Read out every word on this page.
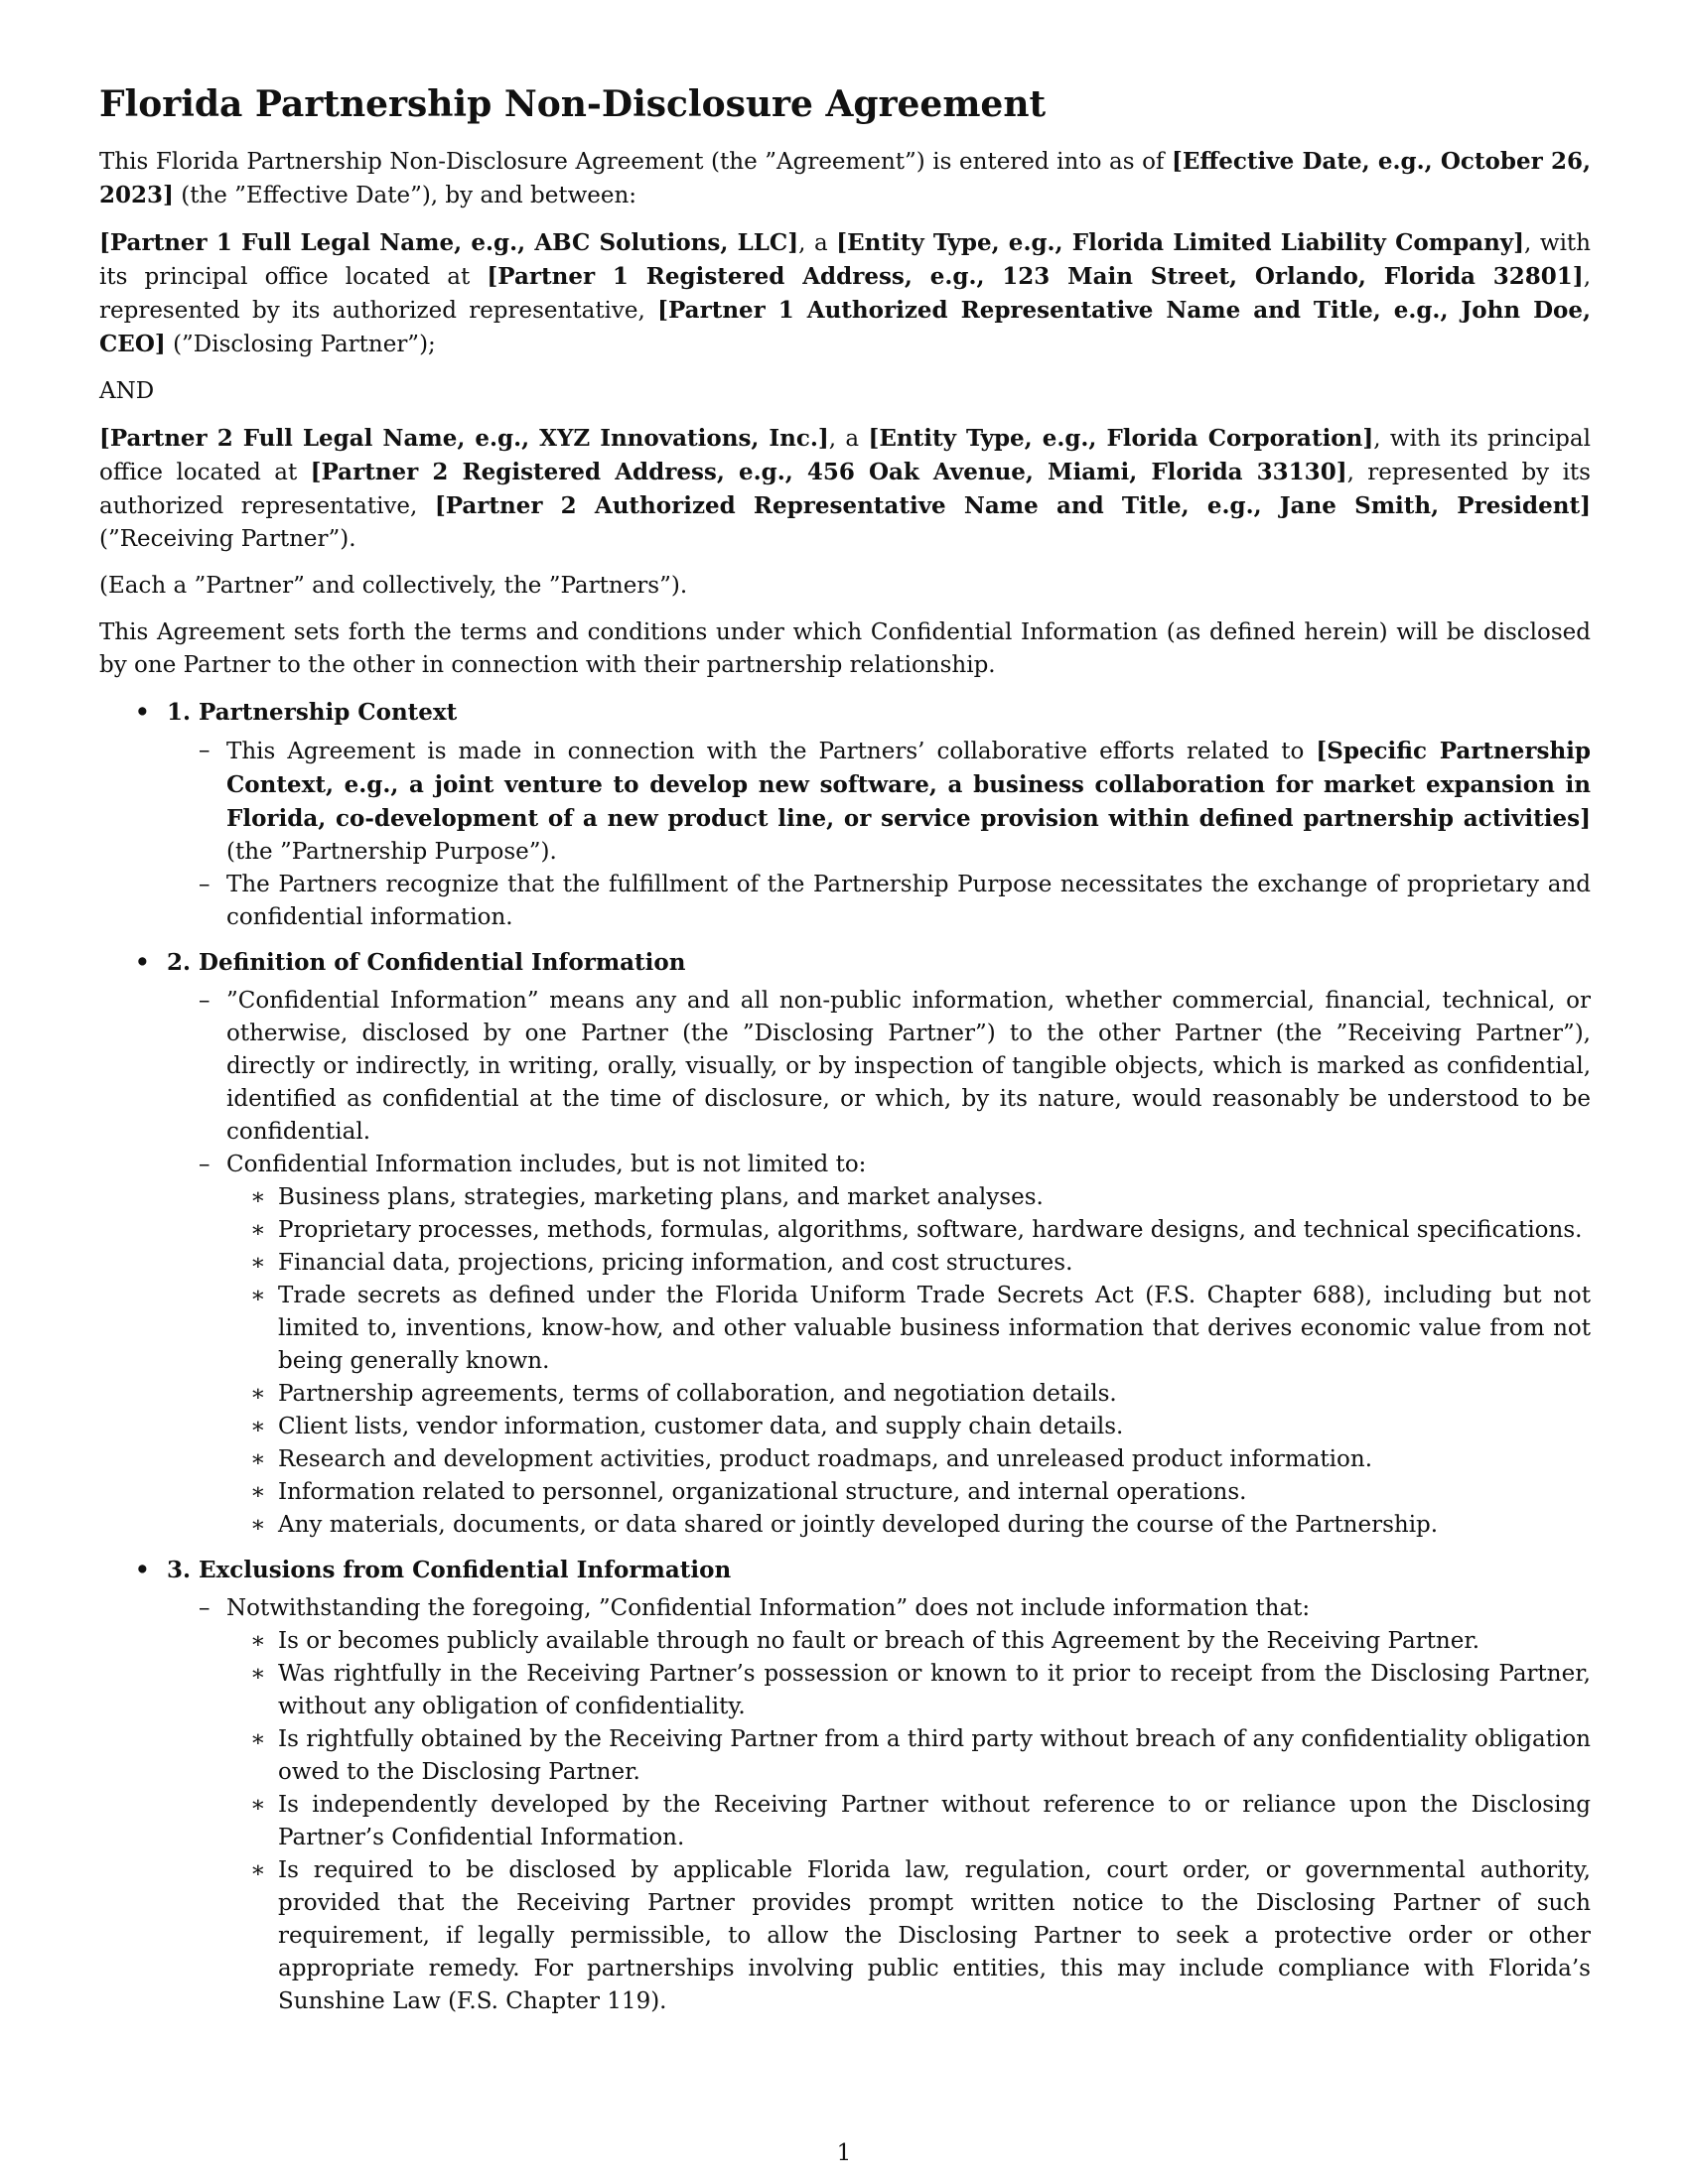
Florida Partnership Non-Disclosure Agreement

This Florida Partnership Non-Disclosure Agreement (the ”Agreement”) is entered into as of [Effective Date, e.g., October 26, 2023] (the ”Effective Date”), by and between:

[Partner 1 Full Legal Name, e.g., ABC Solutions, LLC], a [Entity Type, e.g., Florida Limited Liability Company], with its principal office located at [Partner 1 Registered Address, e.g., 123 Main Street, Orlando, Florida 32801], represented by its authorized representative, [Partner 1 Authorized Representative Name and Title, e.g., John Doe, CEO] (”Disclosing Partner”);

AND

[Partner 2 Full Legal Name, e.g., XYZ Innovations, Inc.], a [Entity Type, e.g., Florida Corporation], with its principal office located at [Partner 2 Registered Address, e.g., 456 Oak Avenue, Miami, Florida 33130], represented by its authorized representative, [Partner 2 Authorized Representative Name and Title, e.g., Jane Smith, President] (”Receiving Partner”).

(Each a ”Partner” and collectively, the ”Partners”).

This Agreement sets forth the terms and conditions under which Confidential Information (as defined herein) will be disclosed by one Partner to the other in connection with their partnership relationship.

• 1. Partnership Context
– This Agreement is made in connection with the Partners’ collaborative efforts related to [Specific Partnership Context, e.g., a joint venture to develop new software, a business collaboration for market expansion in Florida, co-development of a new product line, or service provision within defined partnership activities] (the ”Partnership Purpose”).
– The Partners recognize that the fulfillment of the Partnership Purpose necessitates the exchange of proprietary and confidential information.
• 2. Definition of Confidential Information
– ”Confidential Information” means any and all non-public information, whether commercial, financial, technical, or otherwise, disclosed by one Partner (the ”Disclosing Partner”) to the other Partner (the ”Receiving Partner”), directly or indirectly, in writing, orally, visually, or by inspection of tangible objects, which is marked as confidential, identified as confidential at the time of disclosure, or which, by its nature, would reasonably be understood to be confidential.
– Confidential Information includes, but is not limited to:
∗ Business plans, strategies, marketing plans, and market analyses.
∗ Proprietary processes, methods, formulas, algorithms, software, hardware designs, and technical specifications.
∗ Financial data, projections, pricing information, and cost structures.
∗ Trade secrets as defined under the Florida Uniform Trade Secrets Act (F.S. Chapter 688), including but not limited to, inventions, know-how, and other valuable business information that derives economic value from not being generally known.
∗ Partnership agreements, terms of collaboration, and negotiation details.
∗ Client lists, vendor information, customer data, and supply chain details.
∗ Research and development activities, product roadmaps, and unreleased product information.
∗ Information related to personnel, organizational structure, and internal operations.
∗ Any materials, documents, or data shared or jointly developed during the course of the Partnership.
• 3. Exclusions from Confidential Information
– Notwithstanding the foregoing, ”Confidential Information” does not include information that:
∗ Is or becomes publicly available through no fault or breach of this Agreement by the Receiving Partner.
∗ Was rightfully in the Receiving Partner’s possession or known to it prior to receipt from the Disclosing Partner, without any obligation of confidentiality.
∗ Is rightfully obtained by the Receiving Partner from a third party without breach of any confidentiality obligation owed to the Disclosing Partner.
∗ Is independently developed by the Receiving Partner without reference to or reliance upon the Disclosing Partner’s Confidential Information.
∗ Is required to be disclosed by applicable Florida law, regulation, court order, or governmental authority, provided that the Receiving Partner provides prompt written notice to the Disclosing Partner of such requirement, if legally permissible, to allow the Disclosing Partner to seek a protective order or other appropriate remedy. For partnerships involving public entities, this may include compliance with Florida’s Sunshine Law (F.S. Chapter 119).
1
